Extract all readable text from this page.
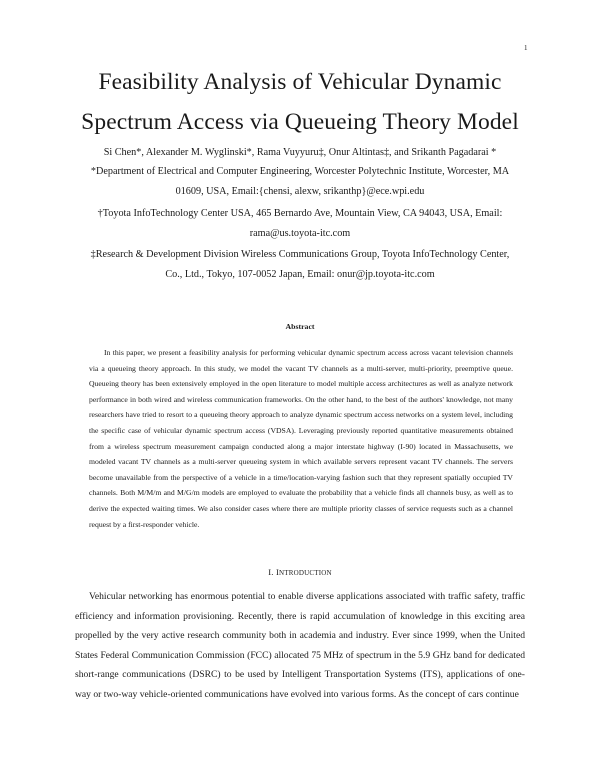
1
Feasibility Analysis of Vehicular Dynamic
Spectrum Access via Queueing Theory Model
Si Chen*, Alexander M. Wyglinski*, Rama Vuyyuru‡, Onur Altintas‡, and Srikanth Pagadarai *
*Department of Electrical and Computer Engineering, Worcester Polytechnic Institute, Worcester, MA
01609, USA, Email:{chensi, alexw, srikanthp}@ece.wpi.edu
†Toyota InfoTechnology Center USA, 465 Bernardo Ave, Mountain View, CA 94043, USA, Email:
rama@us.toyota-itc.com
‡Research & Development Division Wireless Communications Group, Toyota InfoTechnology Center,
Co., Ltd., Tokyo, 107-0052 Japan, Email: onur@jp.toyota-itc.com
Abstract

In this paper, we present a feasibility analysis for performing vehicular dynamic spectrum access across vacant television channels via a queueing theory approach. In this study, we model the vacant TV channels as a multi-server, multi-priority, preemptive queue. Queueing theory has been extensively employed in the open literature to model multiple access architectures as well as analyze network performance in both wired and wireless communication frameworks. On the other hand, to the best of the authors' knowledge, not many researchers have tried to resort to a queueing theory approach to analyze dynamic spectrum access networks on a system level, including the specific case of vehicular dynamic spectrum access (VDSA). Leveraging previously reported quantitative measurements obtained from a wireless spectrum measurement campaign conducted along a major interstate highway (I-90) located in Massachusetts, we modeled vacant TV channels as a multi-server queueing system in which available servers represent vacant TV channels. The servers become unavailable from the perspective of a vehicle in a time/location-varying fashion such that they represent spatially occupied TV channels. Both M/M/m and M/G/m models are employed to evaluate the probability that a vehicle finds all channels busy, as well as to derive the expected waiting times. We also consider cases where there are multiple priority classes of service requests such as a channel request by a first-responder vehicle.

I. INTRODUCTION

Vehicular networking has enormous potential to enable diverse applications associated with traffic safety, traffic efficiency and information provisioning. Recently, there is rapid accumulation of knowledge in this exciting area propelled by the very active research community both in academia and industry. Ever since 1999, when the United States Federal Communication Commission (FCC) allocated 75 MHz of spectrum in the 5.9 GHz band for dedicated short-range communications (DSRC) to be used by Intelligent Transportation Systems (ITS), applications of one-way or two-way vehicle-oriented communications have evolved into various forms. As the concept of cars continue
